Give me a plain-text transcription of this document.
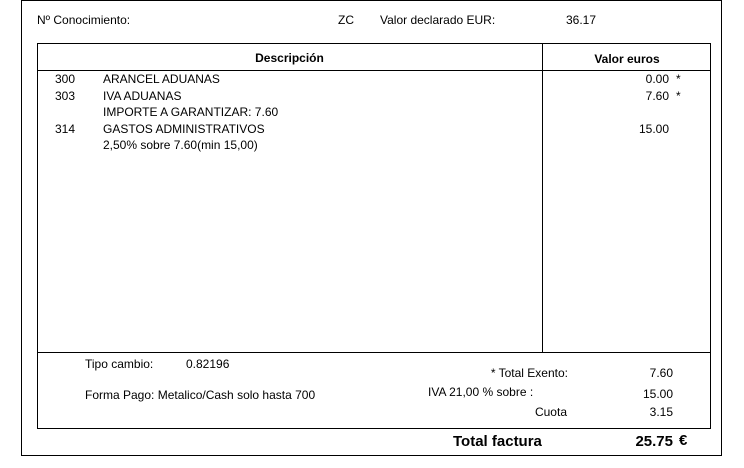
Nº Conocimiento:	ZC Valor declarado EUR:	36.17
Descripción	Valor euros
300 ARANCEL ADUANAS	0.00 *
303 IVA ADUANAS	7.60 *
IMPORTE A GARANTIZAR: 7.60
314 GASTOS ADMINISTRATIVOS	15.00
2,50% sobre 7.60(min 15,00)
Tipo cambio:	0.82196
Forma Pago: Metalico/Cash solo hasta 700
* Total Exento:	7.60
IVA 21,00 % sobre :	15.00
Cuota	3.15
Total factura	25.75 €
